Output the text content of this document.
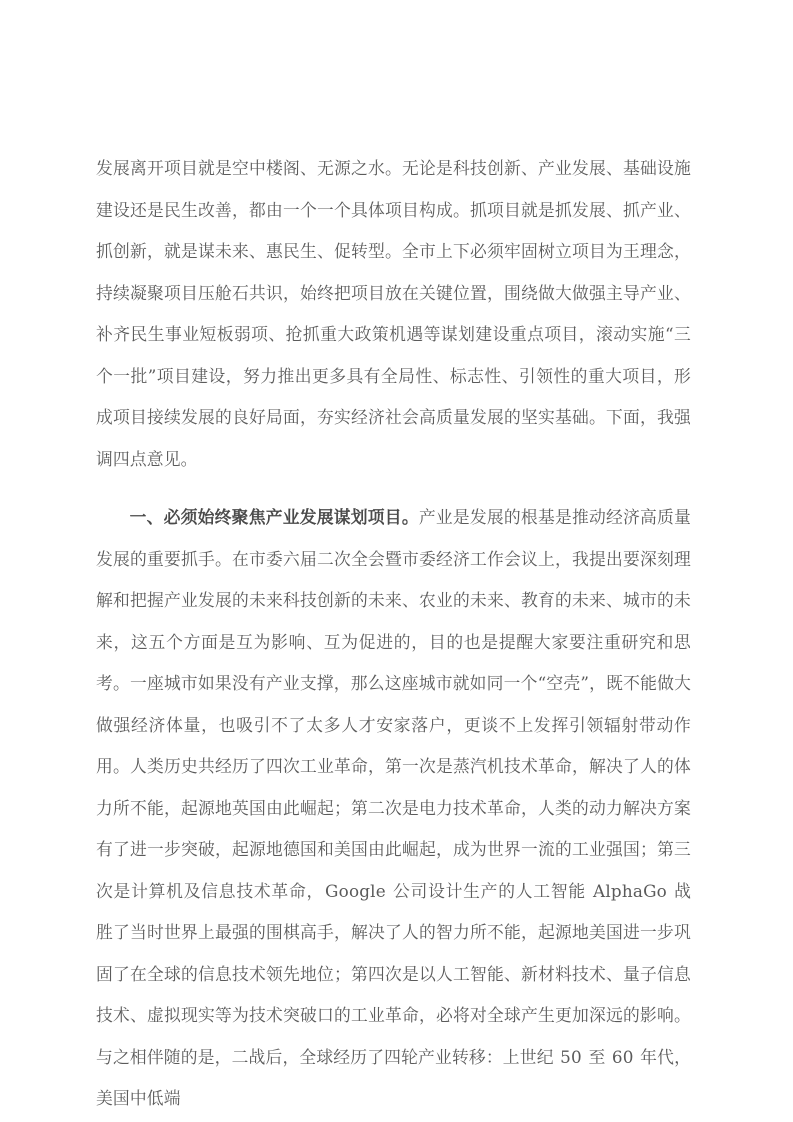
发展离开项目就是空中楼阁、无源之水。无论是科技创新、产业发展、基础设施建设还是民生改善，都由一个一个具体项目构成。抓项目就是抓发展、抓产业、抓创新，就是谋未来、惠民生、促转型。全市上下必须牢固树立项目为王理念，持续凝聚项目压舱石共识，始终把项目放在关键位置，围绕做大做强主导产业、补齐民生事业短板弱项、抢抓重大政策机遇等谋划建设重点项目，滚动实施“三个一批”项目建设，努力推出更多具有全局性、标志性、引领性的重大项目，形成项目接续发展的良好局面，夯实经济社会高质量发展的坚实基础。下面，我强调四点意见。

一、必须始终聚焦产业发展谋划项目。产业是发展的根基是推动经济高质量发展的重要抓手。在市委六届二次全会暨市委经济工作会议上，我提出要深刻理解和把握产业发展的未来科技创新的未来、农业的未来、教育的未来、城市的未来，这五个方面是互为影响、互为促进的，目的也是提醒大家要注重研究和思考。一座城市如果没有产业支撑，那么这座城市就如同一个“空壳”，既不能做大做强经济体量，也吸引不了太多人才安家落户，更谈不上发挥引领辐射带动作用。人类历史共经历了四次工业革命，第一次是蒸汽机技术革命，解决了人的体力所不能，起源地英国由此崛起；第二次是电力技术革命，人类的动力解决方案有了进一步突破，起源地德国和美国由此崛起，成为世界一流的工业强国；第三次是计算机及信息技术革命，Google 公司设计生产的人工智能 AlphaGo 战胜了当时世界上最强的围棋高手，解决了人的智力所不能，起源地美国进一步巩固了在全球的信息技术领先地位；第四次是以人工智能、新材料技术、量子信息技术、虚拟现实等为技术突破口的工业革命，必将对全球产生更加深远的影响。与之相伴随的是，二战后，全球经历了四轮产业转移：上世纪 50 至 60 年代，美国中低端
